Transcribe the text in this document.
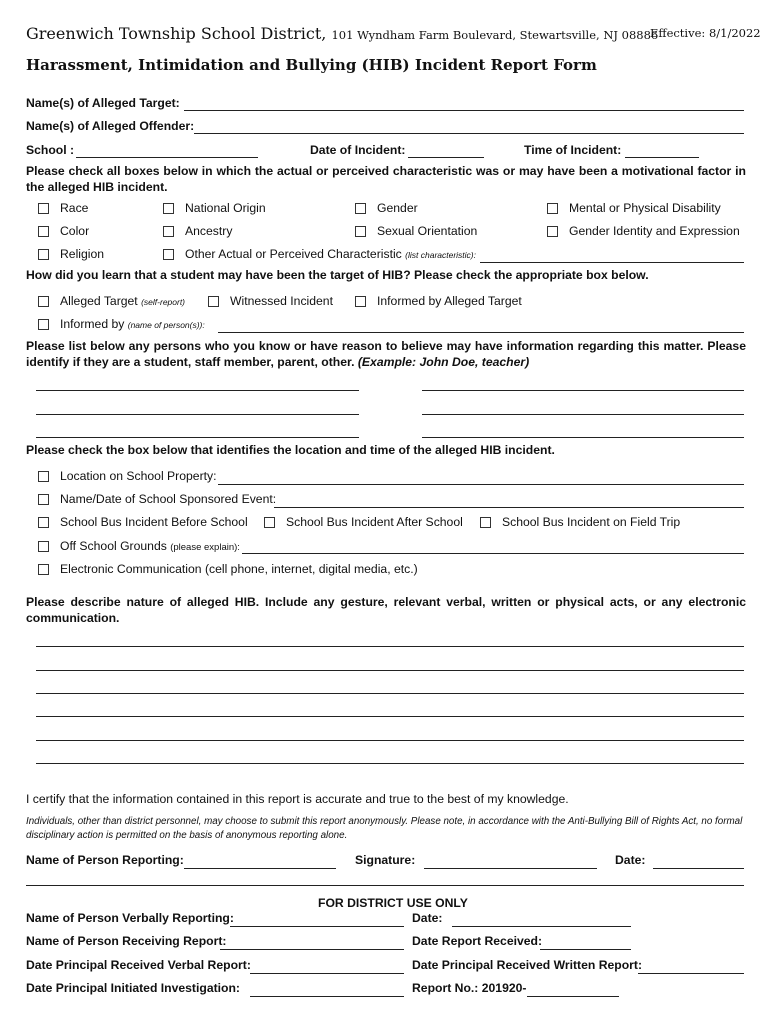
Greenwich Township School District, 101 Wyndham Farm Boulevard, Stewartsville, NJ 08886
Effective: 8/1/2022
Harassment, Intimidation and Bullying (HIB) Incident Report Form
Name(s) of Alleged Target:
Name(s) of Alleged Offender:
School :	Date of Incident:	Time of Incident:
Please check all boxes below in which the actual or perceived characteristic was or may have been a motivational factor in the alleged HIB incident.
Race	National Origin	Gender	Mental or Physical Disability
Color	Ancestry	Sexual Orientation	Gender Identity and Expression
Religion	Other Actual or Perceived Characteristic (list characteristic):
How did you learn that a student may have been the target of HIB? Please check the appropriate box below.
Alleged Target (self-report)	Witnessed Incident	Informed by Alleged Target
Informed by (name of person(s)):
Please list below any persons who you know or have reason to believe may have information regarding this matter. Please identify if they are a student, staff member, parent, other. (Example: John Doe, teacher)
Please check the box below that identifies the location and time of the alleged HIB incident.
Location on School Property:
Name/Date of School Sponsored Event:
School Bus Incident Before School	School Bus Incident After School	School Bus Incident on Field Trip
Off School Grounds (please explain):
Electronic Communication (cell phone, internet, digital media, etc.)
Please describe nature of alleged HIB. Include any gesture, relevant verbal, written or physical acts, or any electronic communication.
I certify that the information contained in this report is accurate and true to the best of my knowledge.
Individuals, other than district personnel, may choose to submit this report anonymously. Please note, in accordance with the Anti-Bullying Bill of Rights Act, no formal disciplinary action is permitted on the basis of anonymous reporting alone.
Name of Person Reporting:	Signature:	Date:
FOR DISTRICT USE ONLY
Name of Person Verbally Reporting:	Date:
Name of Person Receiving Report:	Date Report Received:
Date Principal Received Verbal Report:	Date Principal Received Written Report:
Date Principal Initiated Investigation:	Report No.: 201920-
